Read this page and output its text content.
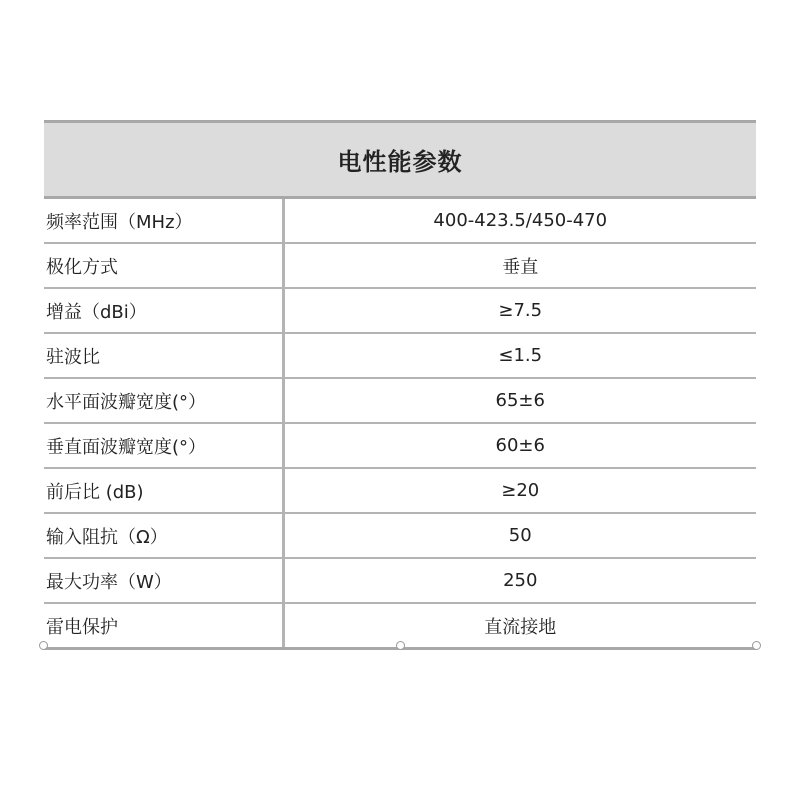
电性能参数	
频率范围（MHz）	400-423.5/450-470
极化方式	垂直
增益（dBi）	≥7.5
驻波比	≤1.5
水平面波瓣宽度(°）	65±6
垂直面波瓣宽度(°）	60±6
前后比 (dB)	≥20
输入阻抗（Ω）	50
最大功率（W）	250
雷电保护	直流接地
